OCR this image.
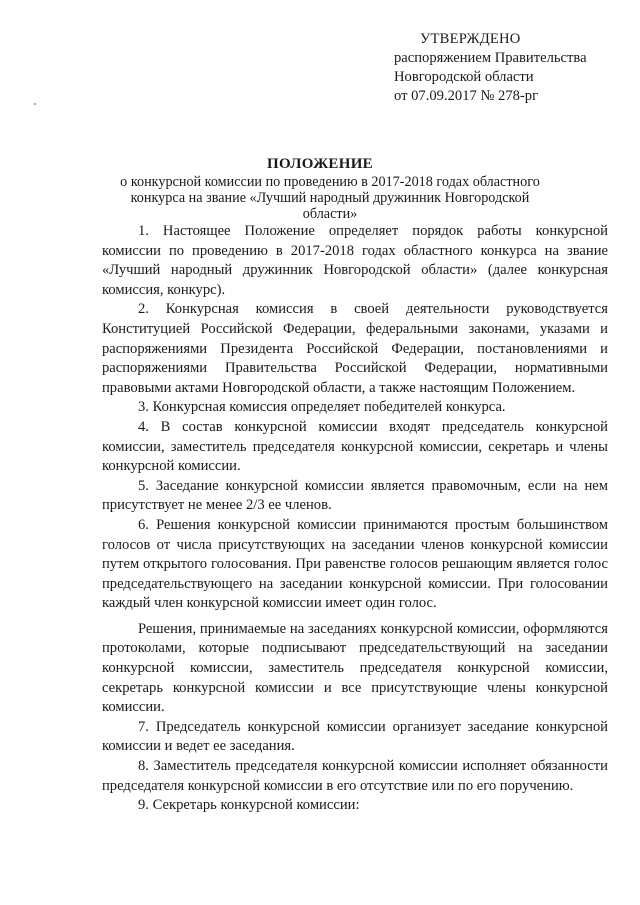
УТВЕРЖДЕНО
распоряжением Правительства
Новгородской области
от 07.09.2017 № 278-рг
ПОЛОЖЕНИЕ
о конкурсной комиссии по проведению в 2017-2018 годах областного
конкурса на звание «Лучший народный дружинник Новгородской области»

1. Настоящее Положение определяет порядок работы конкурсной комиссии по проведению в 2017-2018 годах областного конкурса на звание «Лучший народный дружинник Новгородской области» (далее конкурсная комиссия, конкурс).

2. Конкурсная комиссия в своей деятельности руководствуется Конституцией Российской Федерации, федеральными законами, указами и распоряжениями Президента Российской Федерации, постановлениями и распоряжениями Правительства Российской Федерации, нормативными правовыми актами Новгородской области, а также настоящим Положением.

3. Конкурсная комиссия определяет победителей конкурса.

4. В состав конкурсной комиссии входят председатель конкурсной комиссии, заместитель председателя конкурсной комиссии, секретарь и члены конкурсной комиссии.

5. Заседание конкурсной комиссии является правомочным, если на нем присутствует не менее 2/3 ее членов.

6. Решения конкурсной комиссии принимаются простым большинством голосов от числа присутствующих на заседании членов конкурсной комиссии путем открытого голосования. При равенстве голосов решающим является голос председательствующего на заседании конкурсной комиссии. При голосовании каждый член конкурсной комиссии имеет один голос.

Решения, принимаемые на заседаниях конкурсной комиссии, оформляются протоколами, которые подписывают председательствующий на заседании конкурсной комиссии, заместитель председателя конкурсной комиссии, секретарь конкурсной комиссии и все присутствующие члены конкурсной комиссии.

7. Председатель конкурсной комиссии организует заседание конкурсной комиссии и ведет ее заседания.

8. Заместитель председателя конкурсной комиссии исполняет обязанности председателя конкурсной комиссии в его отсутствие или по его поручению.

9. Секретарь конкурсной комиссии:
